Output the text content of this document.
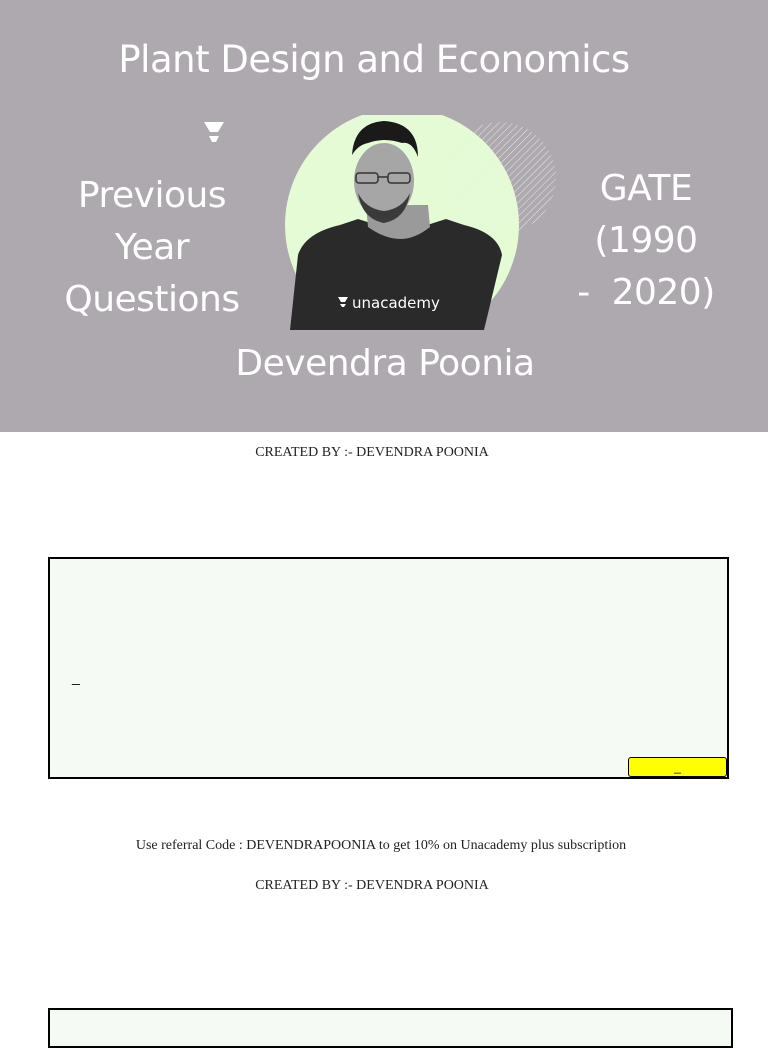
Plant Design and Economics
Previous
Year
Questions	unacademy
GATE
(1990
-  2020)
Devendra Poonia
CREATED BY :- DEVENDRA POONIA
_
_
Use referral Code : DEVENDRAPOONIA to get 10% on Unacademy plus subscription
CREATED BY :- DEVENDRA POONIA
